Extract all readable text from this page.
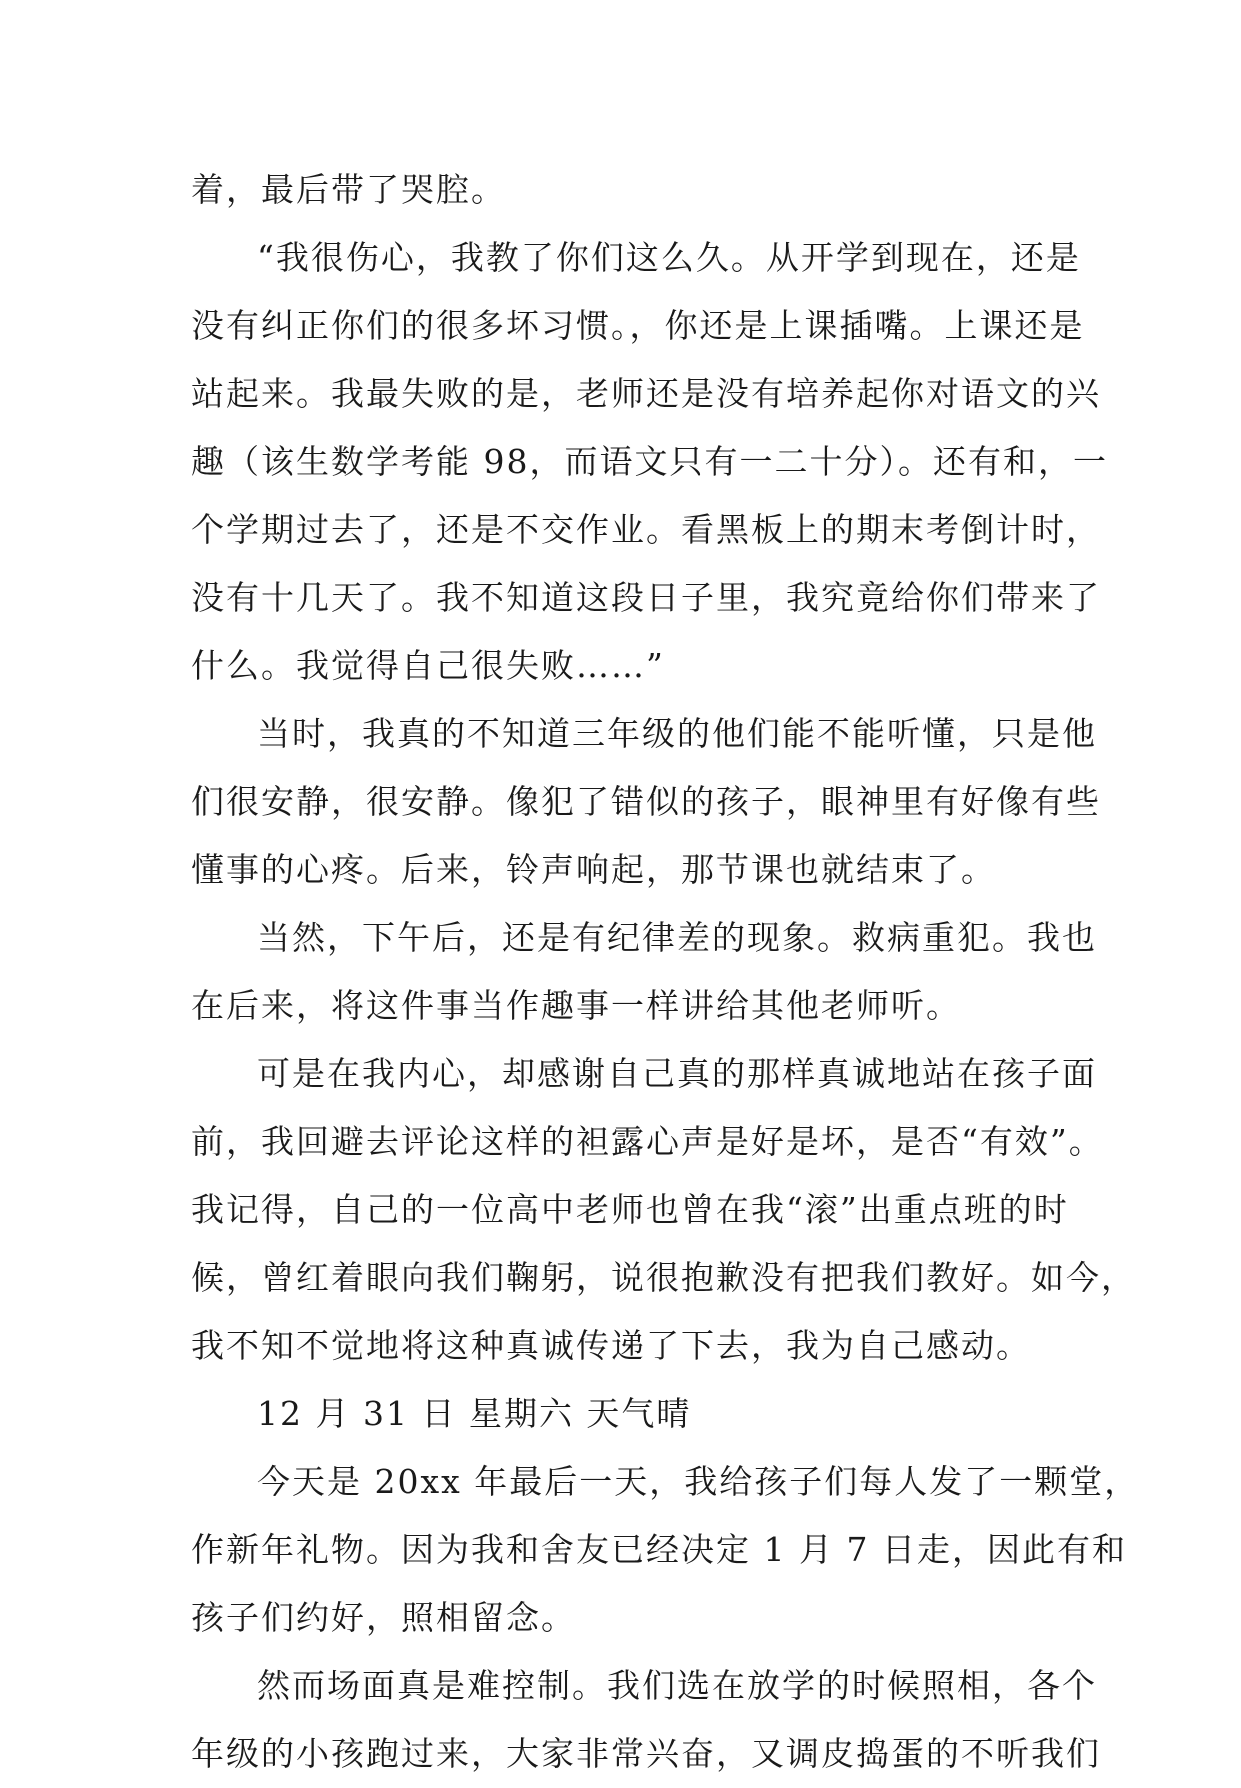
着，最后带了哭腔。
“我很伤心，我教了你们这么久。从开学到现在，还是
没有纠正你们的很多坏习惯。，你还是上课插嘴。上课还是
站起来。我最失败的是，老师还是没有培养起你对语文的兴
趣（该生数学考能 98，而语文只有一二十分）。还有和，一
个学期过去了，还是不交作业。看黑板上的期末考倒计时，
没有十几天了。我不知道这段日子里，我究竟给你们带来了
什么。我觉得自己很失败……”
当时，我真的不知道三年级的他们能不能听懂，只是他
们很安静，很安静。像犯了错似的孩子，眼神里有好像有些
懂事的心疼。后来，铃声响起，那节课也就结束了。
当然，下午后，还是有纪律差的现象。救病重犯。我也
在后来，将这件事当作趣事一样讲给其他老师听。
可是在我内心，却感谢自己真的那样真诚地站在孩子面
前，我回避去评论这样的袒露心声是好是坏，是否“有效”。
我记得，自己的一位高中老师也曾在我“滚”出重点班的时
候，曾红着眼向我们鞠躬，说很抱歉没有把我们教好。如今，
我不知不觉地将这种真诚传递了下去，我为自己感动。
12 月 31 日 星期六 天气晴
今天是 20xx 年最后一天，我给孩子们每人发了一颗堂，
作新年礼物。因为我和舍友已经决定 1 月 7 日走，因此有和
孩子们约好，照相留念。
然而场面真是难控制。我们选在放学的时候照相，各个
年级的小孩跑过来，大家非常兴奋，又调皮捣蛋的不听我们
